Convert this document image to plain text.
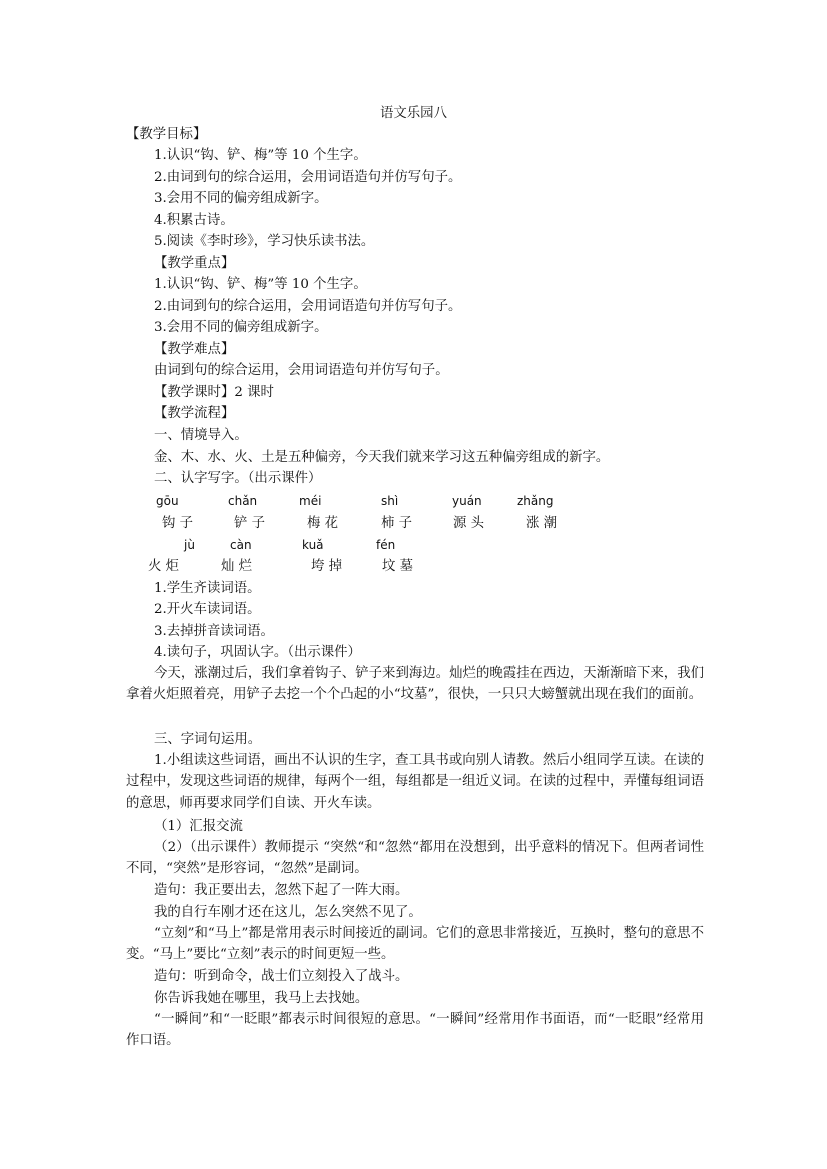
语文乐园八
【教学目标】
1.认识“钩、铲、梅”等 10 个生字。
2.由词到句的综合运用，会用词语造句并仿写句子。
3.会用不同的偏旁组成新字。
4.积累古诗。
5.阅读《李时珍》，学习快乐读书法。
【教学重点】
1.认识“钩、铲、梅”等 10 个生字。
2.由词到句的综合运用，会用词语造句并仿写句子。
3.会用不同的偏旁组成新字。
【教学难点】
由词到句的综合运用，会用词语造句并仿写句子。
【教学课时】2 课时
【教学流程】
一、情境导入。
金、木、水、火、土是五种偏旁，今天我们就来学习这五种偏旁组成的新字。
二、认字写字。（出示课件）
gōu	chǎn	méi	shì	yuán	zhǎng
钩 子	铲 子	梅 花	柿 子	源 头	涨 潮
jù	càn	kuǎ	fén
火 炬	灿 烂	垮 掉	坟 墓
1.学生齐读词语。
2.开火车读词语。
3.去掉拼音读词语。
4.读句子，巩固认字。（出示课件）
今天，涨潮过后，我们拿着钩子、铲子来到海边。灿烂的晚霞挂在西边，天渐渐暗下来，我们拿着火炬照着亮，用铲子去挖一个个凸起的小“坟墓”，很快，一只只大螃蟹就出现在我们的面前。
三、字词句运用。
1.小组读这些词语，画出不认识的生字，查工具书或向别人请教。然后小组同学互读。在读的过程中，发现这些词语的规律，每两个一组，每组都是一组近义词。在读的过程中，弄懂每组词语的意思，师再要求同学们自读、开火车读。
（1）汇报交流
（2）（出示课件）教师提示 “突然“和“忽然“都用在没想到，出乎意料的情况下。但两者词性不同，“突然”是形容词，“忽然”是副词。
造句：我正要出去，忽然下起了一阵大雨。
我的自行车刚才还在这儿，怎么突然不见了。
“立刻”和“马上”都是常用表示时间接近的副词。它们的意思非常接近，互换时，整句的意思不变。“马上”要比“立刻”表示的时间更短一些。
造句：听到命令，战士们立刻投入了战斗。
你告诉我她在哪里，我马上去找她。
“一瞬间”和“一眨眼”都表示时间很短的意思。“一瞬间”经常用作书面语，而“一眨眼”经常用作口语。
